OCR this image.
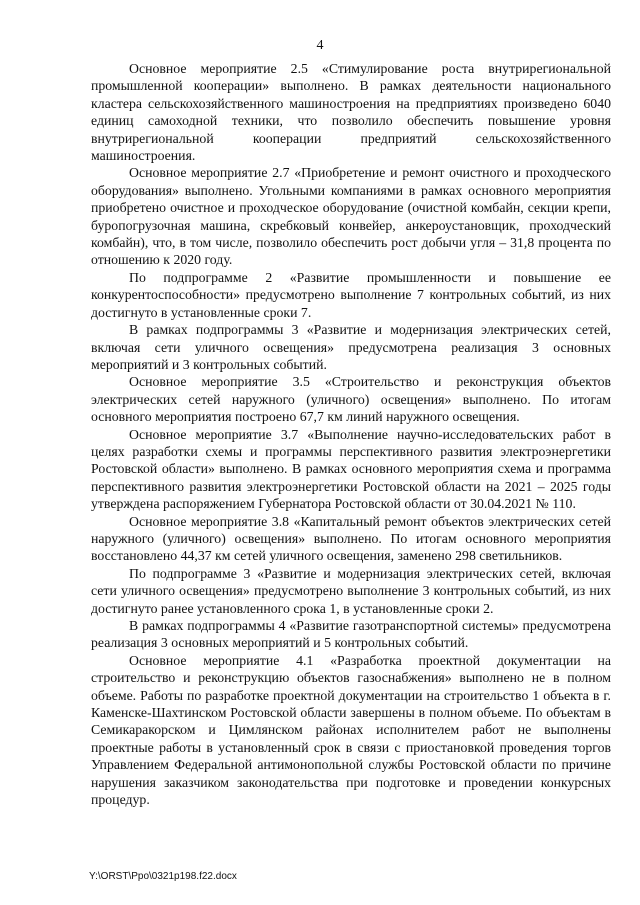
4

Основное мероприятие 2.5 «Стимулирование роста внутрирегиональной промышленной кооперации» выполнено. В рамках деятельности национального кластера сельскохозяйственного машиностроения на предприятиях произведено 6040 единиц самоходной техники, что позволило обеспечить повышение уровня внутрирегиональной кооперации предприятий сельскохозяйственного машиностроения.

Основное мероприятие 2.7 «Приобретение и ремонт очистного и проходческого оборудования» выполнено. Угольными компаниями в рамках основного мероприятия приобретено очистное и проходческое оборудование (очистной комбайн, секции крепи, буропогрузочная машина, скребковый конвейер, анкероустановщик, проходческий комбайн), что, в том числе, позволило обеспечить рост добычи угля – 31,8 процента по отношению к 2020 году.

По подпрограмме 2 «Развитие промышленности и повышение ее конкурентоспособности» предусмотрено выполнение 7 контрольных событий, из них достигнуто в установленные сроки 7.

В рамках подпрограммы 3 «Развитие и модернизация электрических сетей, включая сети уличного освещения» предусмотрена реализация 3 основных мероприятий и 3 контрольных событий.

Основное мероприятие 3.5 «Строительство и реконструкция объектов электрических сетей наружного (уличного) освещения» выполнено. По итогам основного мероприятия построено 67,7 км линий наружного освещения.

Основное мероприятие 3.7 «Выполнение научно-исследовательских работ в целях разработки схемы и программы перспективного развития электроэнергетики Ростовской области» выполнено. В рамках основного мероприятия схема и программа перспективного развития электроэнергетики Ростовской области на 2021 – 2025 годы утверждена распоряжением Губернатора Ростовской области от 30.04.2021 № 110.

Основное мероприятие 3.8 «Капитальный ремонт объектов электрических сетей наружного (уличного) освещения» выполнено. По итогам основного мероприятия восстановлено 44,37 км сетей уличного освещения, заменено 298 светильников.

По подпрограмме 3 «Развитие и модернизация электрических сетей, включая сети уличного освещения» предусмотрено выполнение 3 контрольных событий, из них достигнуто ранее установленного срока 1, в установленные сроки 2.

В рамках подпрограммы 4 «Развитие газотранспортной системы» предусмотрена реализация 3 основных мероприятий и 5 контрольных событий.

Основное мероприятие 4.1 «Разработка проектной документации на строительство и реконструкцию объектов газоснабжения» выполнено не в полном объеме. Работы по разработке проектной документации на строительство 1 объекта в г. Каменске-Шахтинском Ростовской области завершены в полном объеме. По объектам в Семикаракорском и Цимлянском районах исполнителем работ не выполнены проектные работы в установленный срок в связи с приостановкой проведения торгов Управлением Федеральной антимонопольной службы Ростовской области по причине нарушения заказчиком законодательства при подготовке и проведении конкурсных процедур.

Y:\ORST\Ppo\0321p198.f22.docx
